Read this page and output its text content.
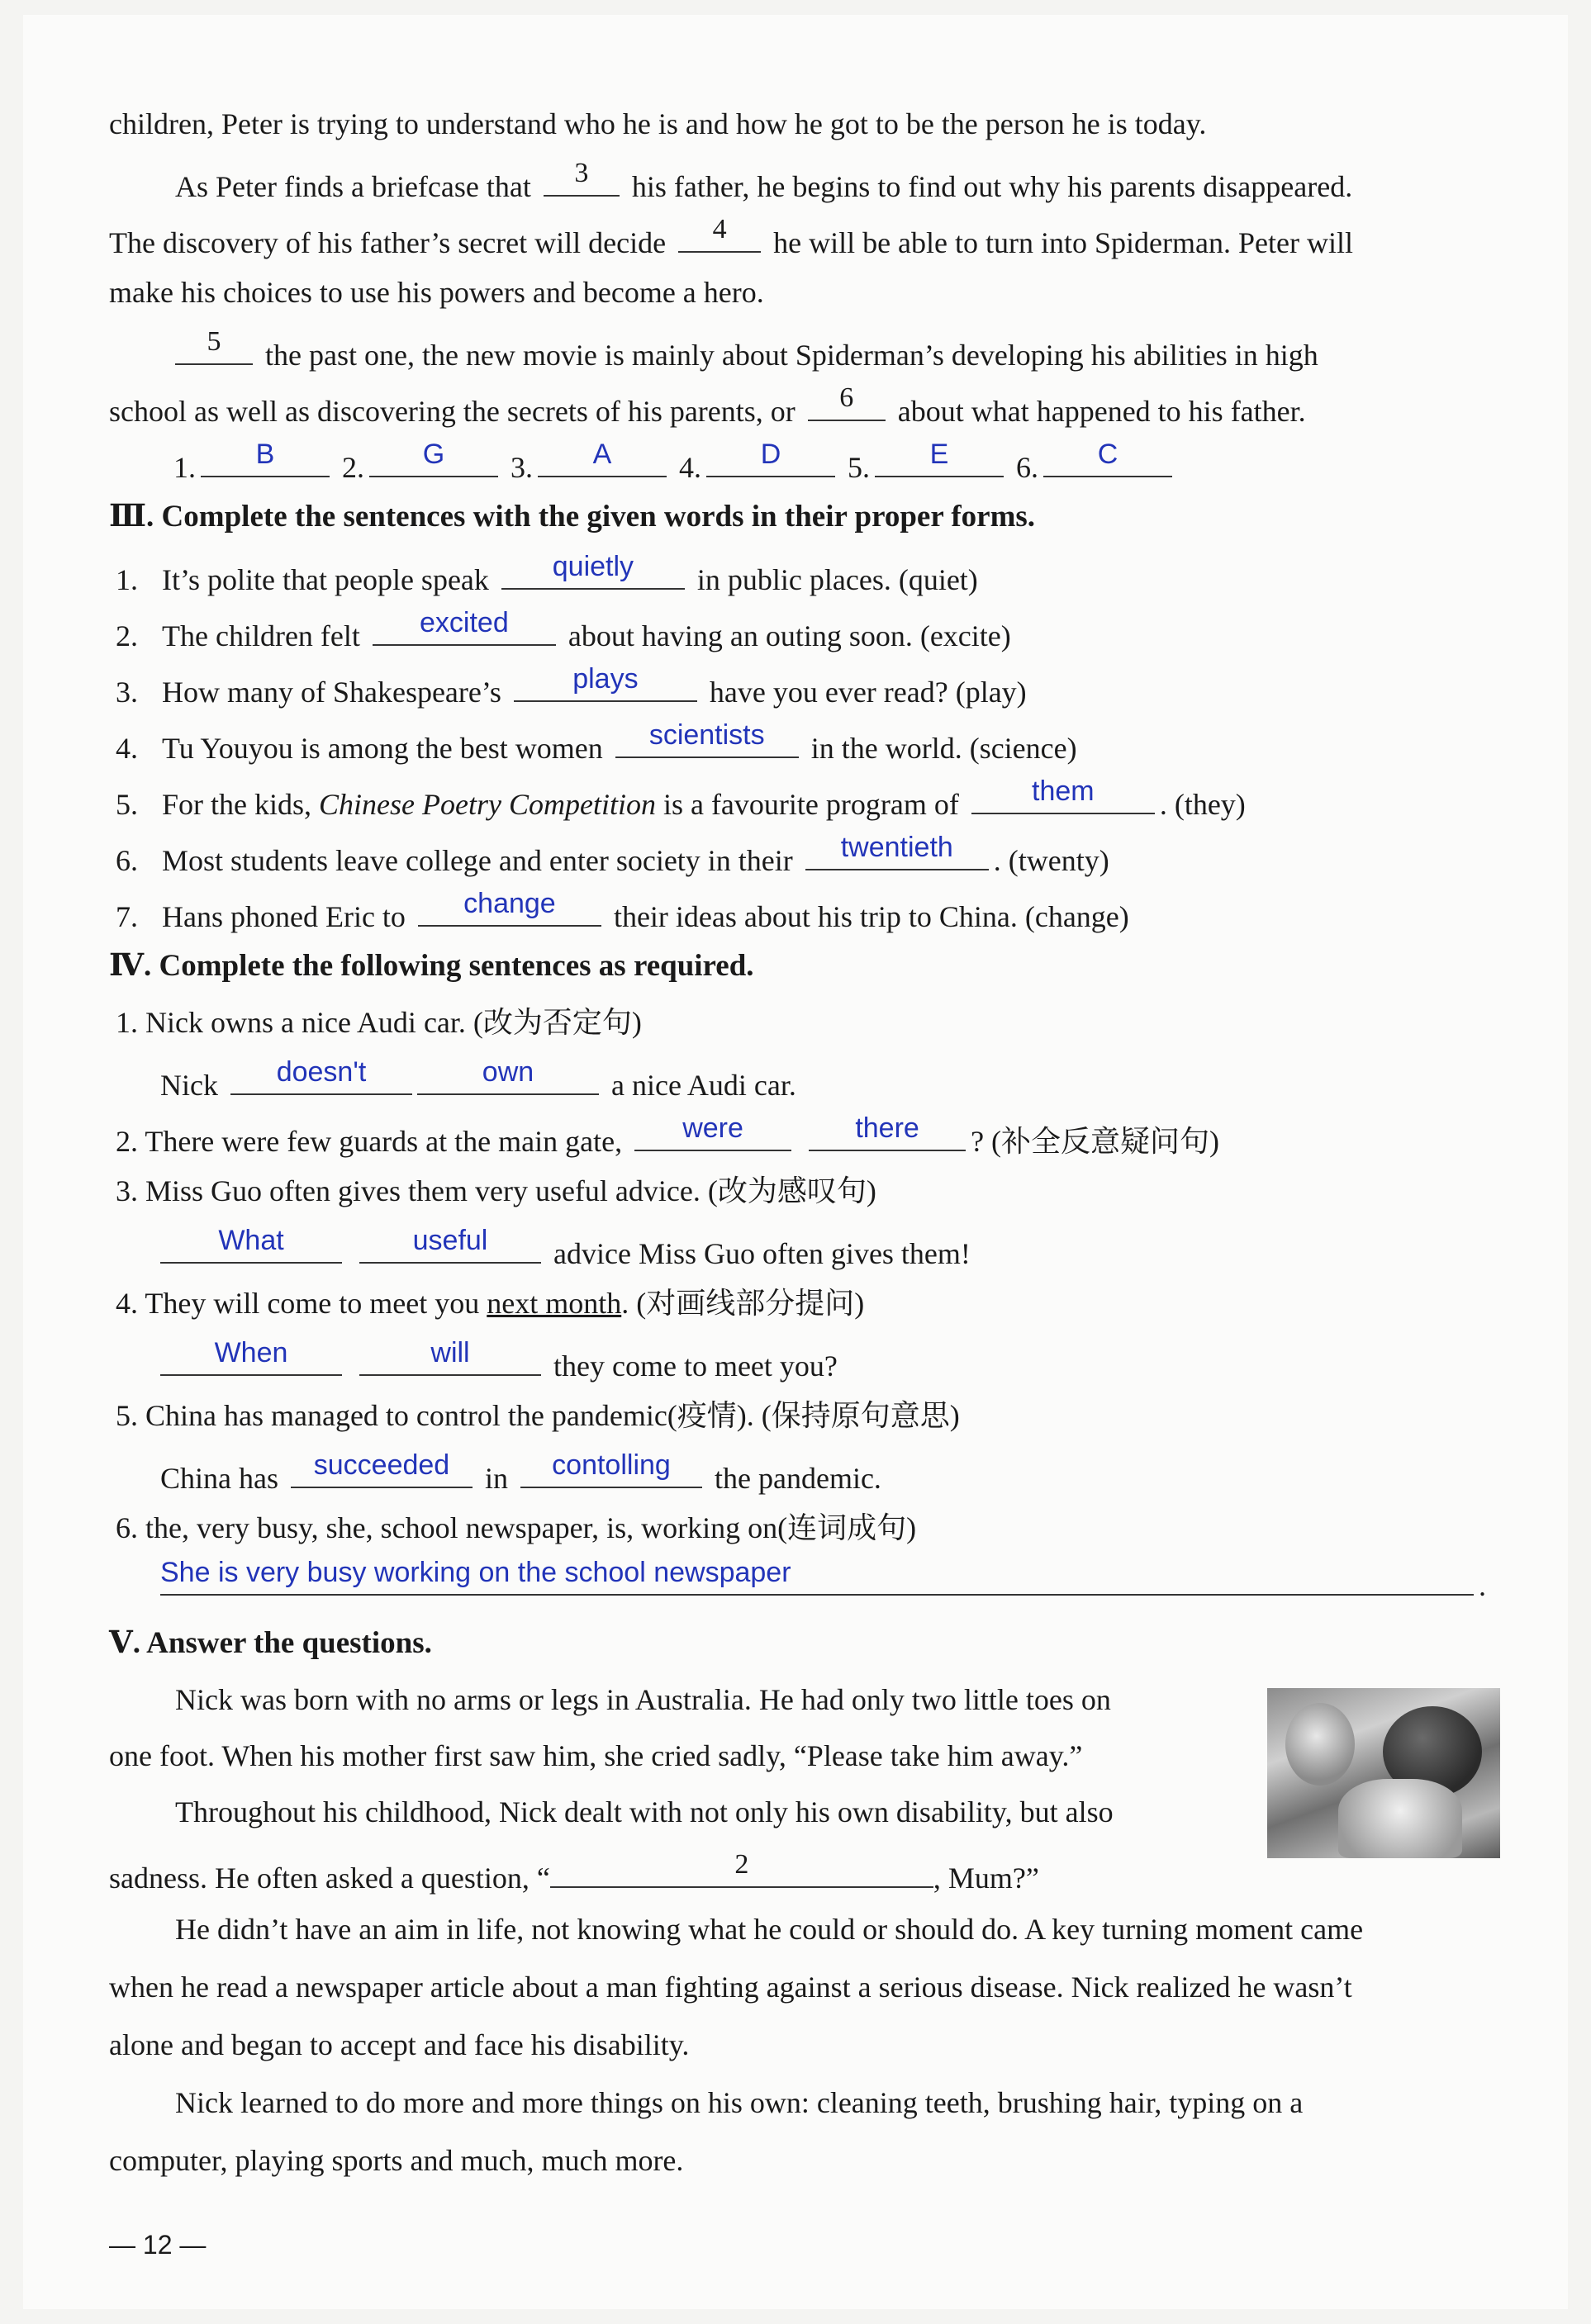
children, Peter is trying to understand who he is and how he got to be the person he is today.
As Peter finds a briefcase that	3	his father, he begins to find out why his parents disappeared.
The discovery of his father’s secret will decide	4	he will be able to turn into Spiderman. Peter will
make his choices to use his powers and become a hero.
5	the past one, the new movie is mainly about Spiderman’s developing his abilities in high
school as well as discovering the secrets of his parents, or	6	about what happened to his father.
1.	B	2.	G	3.	A	4.	D	5.	E	6.	C
Ⅲ. Complete the sentences with the given words in their proper forms.
1. It’s polite that people speak	quietly	in public places. (quiet)
2. The children felt	excited	about having an outing soon. (excite)
3. How many of Shakespeare’s	plays	have you ever read? (play)
4. Tu Youyou is among the best women	scientists	in the world. (science)
5. For the kids, Chinese Poetry Competition is a favourite program of	them	. (they)
6. Most students leave college and enter society in their	twentieth	. (twenty)
7. Hans phoned Eric to	change	their ideas about his trip to China. (change)
Ⅳ. Complete the following sentences as required.
1. Nick owns a nice Audi car. (改为否定句)
Nick	doesn't	own	a nice Audi car.
2. There were few guards at the main gate,	were
	there	? (补全反意疑问句)
3. Miss Guo often gives them very useful advice. (改为感叹句)
What
	useful	advice Miss Guo often gives them!
4. They will come to meet you next month. (对画线部分提问)
When
	will	they come to meet you?
5. China has managed to control the pandemic(疫情). (保持原句意思)
China has	succeeded	in	contolling	the pandemic.
6. the, very busy, she, school newspaper, is, working on(连词成句)
She is very busy working on the school newspaper	.
Ⅴ. Answer the questions.
Nick was born with no arms or legs in Australia. He had only two little toes on
one foot. When his mother first saw him, she cried sadly, “Please take him away.”
Throughout his childhood, Nick dealt with not only his own disability, but also
sadness. He often asked a question, “	2	, Mum?”
He didn’t have an aim in life, not knowing what he could or should do. A key turning moment came
when he read a newspaper article about a man fighting against a serious disease. Nick realized he wasn’t
alone and began to accept and face his disability.
Nick learned to do more and more things on his own: cleaning teeth, brushing hair, typing on a
computer, playing sports and much, much more.
— 12 —
